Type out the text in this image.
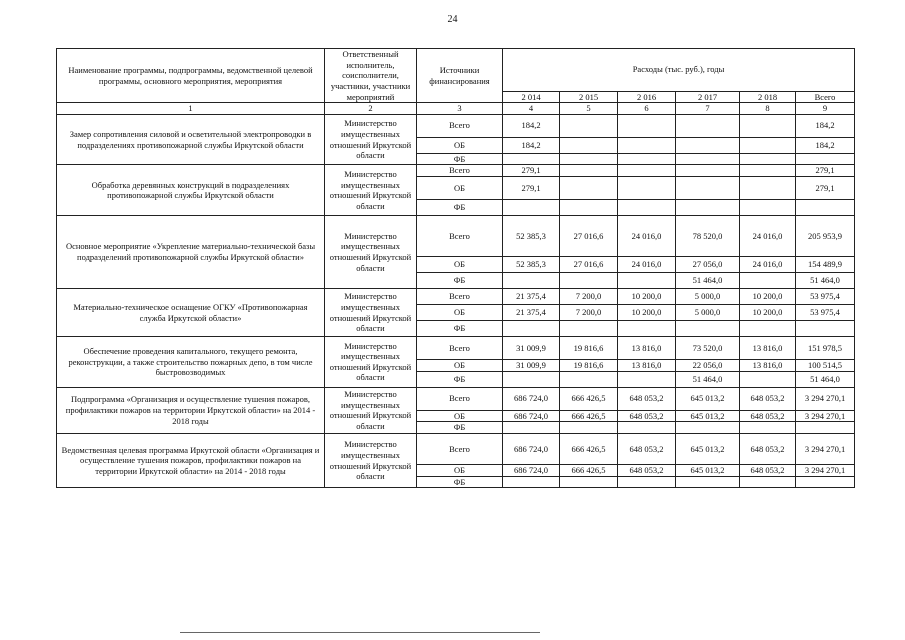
24
Наименование программы, подпрограммы, ведомственной целевой программы, основного мероприятия, мероприятия	Ответственный исполнитель, соисполнители, участники, участники мероприятий	Источники финансирования	Расходы (тыс. руб.), годы					
			2 014	2 015	2 016	2 017	2 018	Всего
1	2	3	4	5	6	7	8	9
Замер сопротивления силовой и осветительной электропроводки в подразделениях противопожарной службы Иркутской области	Министерство имущественных отношений Иркутской области	Всего	184,2					184,2
		ОБ	184,2					184,2
		ФБ						
Обработка деревянных конструкций в подразделениях противопожарной службы Иркутской области	Министерство имущественных отношений Иркутской области	Всего	279,1					279,1
		ОБ	279,1					279,1
		ФБ						
Основное мероприятие «Укрепление материально-технической базы подразделений противопожарной службы Иркутской области»	Министерство имущественных отношений Иркутской области	Всего	52 385,3	27 016,6	24 016,0	78 520,0	24 016,0	205 953,9
		ОБ	52 385,3	27 016,6	24 016,0	27 056,0	24 016,0	154 489,9
		ФБ				51 464,0		51 464,0
Материально-техническое оснащение ОГКУ «Противопожарная служба Иркутской области»	Министерство имущественных отношений Иркутской области	Всего	21 375,4	7 200,0	10 200,0	5 000,0	10 200,0	53 975,4
		ОБ	21 375,4	7 200,0	10 200,0	5 000,0	10 200,0	53 975,4
		ФБ						
Обеспечение проведения капитального, текущего ремонта, реконструкции, а также строительство пожарных депо, в том числе быстровозводимых	Министерство имущественных отношений Иркутской области	Всего	31 009,9	19 816,6	13 816,0	73 520,0	13 816,0	151 978,5
		ОБ	31 009,9	19 816,6	13 816,0	22 056,0	13 816,0	100 514,5
		ФБ				51 464,0		51 464,0
Подпрограмма «Организация и осуществление тушения пожаров, профилактики пожаров на территории Иркутской области» на 2014 - 2018 годы	Министерство имущественных отношений Иркутской области	Всего	686 724,0	666 426,5	648 053,2	645 013,2	648 053,2	3 294 270,1
		ОБ	686 724,0	666 426,5	648 053,2	645 013,2	648 053,2	3 294 270,1
		ФБ						
Ведомственная целевая программа Иркутской области «Организация и осуществление тушения пожаров, профилактики пожаров на территории Иркутской области» на 2014 - 2018 годы	Министерство имущественных отношений Иркутской области	Всего	686 724,0	666 426,5	648 053,2	645 013,2	648 053,2	3 294 270,1
		ОБ	686 724,0	666 426,5	648 053,2	645 013,2	648 053,2	3 294 270,1
		ФБ						
